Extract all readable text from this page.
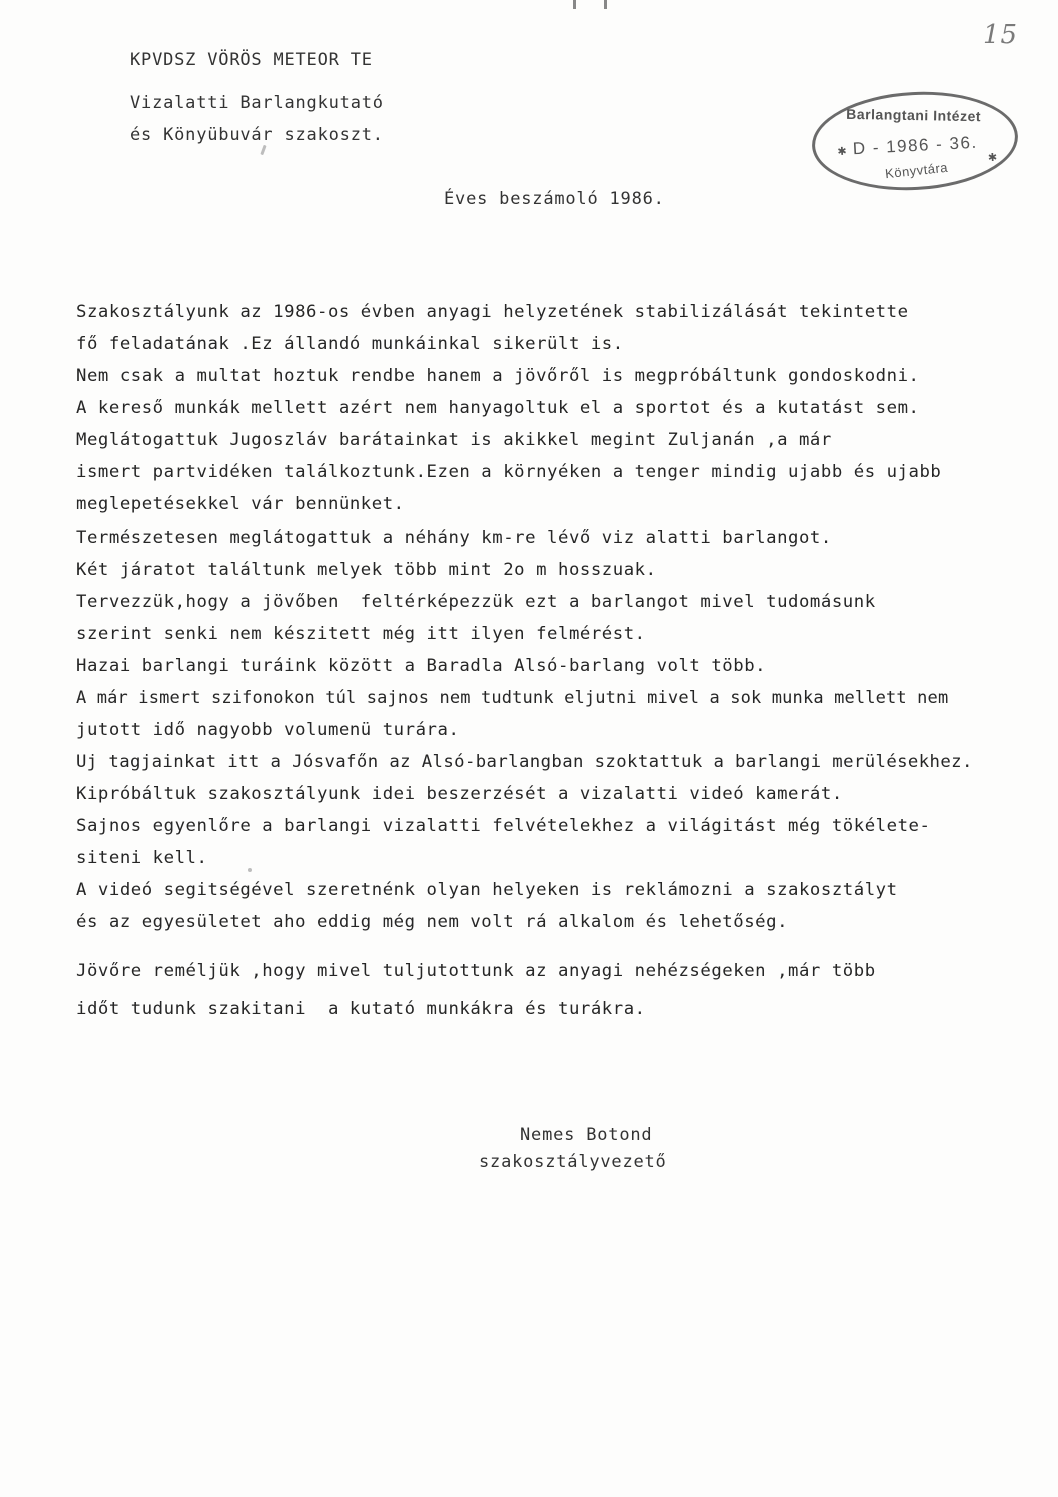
15
KPVDSZ VÖRÖS METEOR TE
Vizalatti Barlangkutató
és Könyübuvár szakoszt.
Barlangtani Intézet
✱ D - 1986 - 36. ✱
Könyvtára
Éves beszámoló 1986.
Szakosztályunk az 1986-os évben anyagi helyzetének stabilizálását tekintette
fő feladatának .Ez állandó munkáinkal sikerült is.
Nem csak a multat hoztuk rendbe hanem a jövőről is megpróbáltunk gondoskodni.
A kereső munkák mellett azért nem hanyagoltuk el a sportot és a kutatást sem.
Meglátogattuk Jugoszláv barátainkat is akikkel megint Zuljanán ,a már
ismert partvidéken találkoztunk.Ezen a környéken a tenger mindig ujabb és ujabb
meglepetésekkel vár bennünket.
Természetesen meglátogattuk a néhány km-re lévő viz alatti barlangot.
Két járatot találtunk melyek több mint 2o m hosszuak.
Tervezzük,hogy a jövőben  feltérképezzük ezt a barlangot mivel tudomásunk
szerint senki nem készitett még itt ilyen felmérést.
Hazai barlangi turáink között a Baradla Alsó-barlang volt több.
A már ismert szifonokon túl sajnos nem tudtunk eljutni mivel a sok munka mellett nem
jutott idő nagyobb volumenü turára.
Uj tagjainkat itt a Jósvafőn az Alsó-barlangban szoktattuk a barlangi merülésekhez.
Kipróbáltuk szakosztályunk idei beszerzését a vizalatti videó kamerát.
Sajnos egyenlőre a barlangi vizalatti felvételekhez a világitást még tökélete-
siteni kell.
A videó segitségével szeretnénk olyan helyeken is reklámozni a szakosztályt
és az egyesületet aho eddig még nem volt rá alkalom és lehetőség.
Jövőre reméljük ,hogy mivel tuljutottunk az anyagi nehézségeken ,már több
időt tudunk szakitani  a kutató munkákra és turákra.
Nemes Botond
szakosztályvezető
